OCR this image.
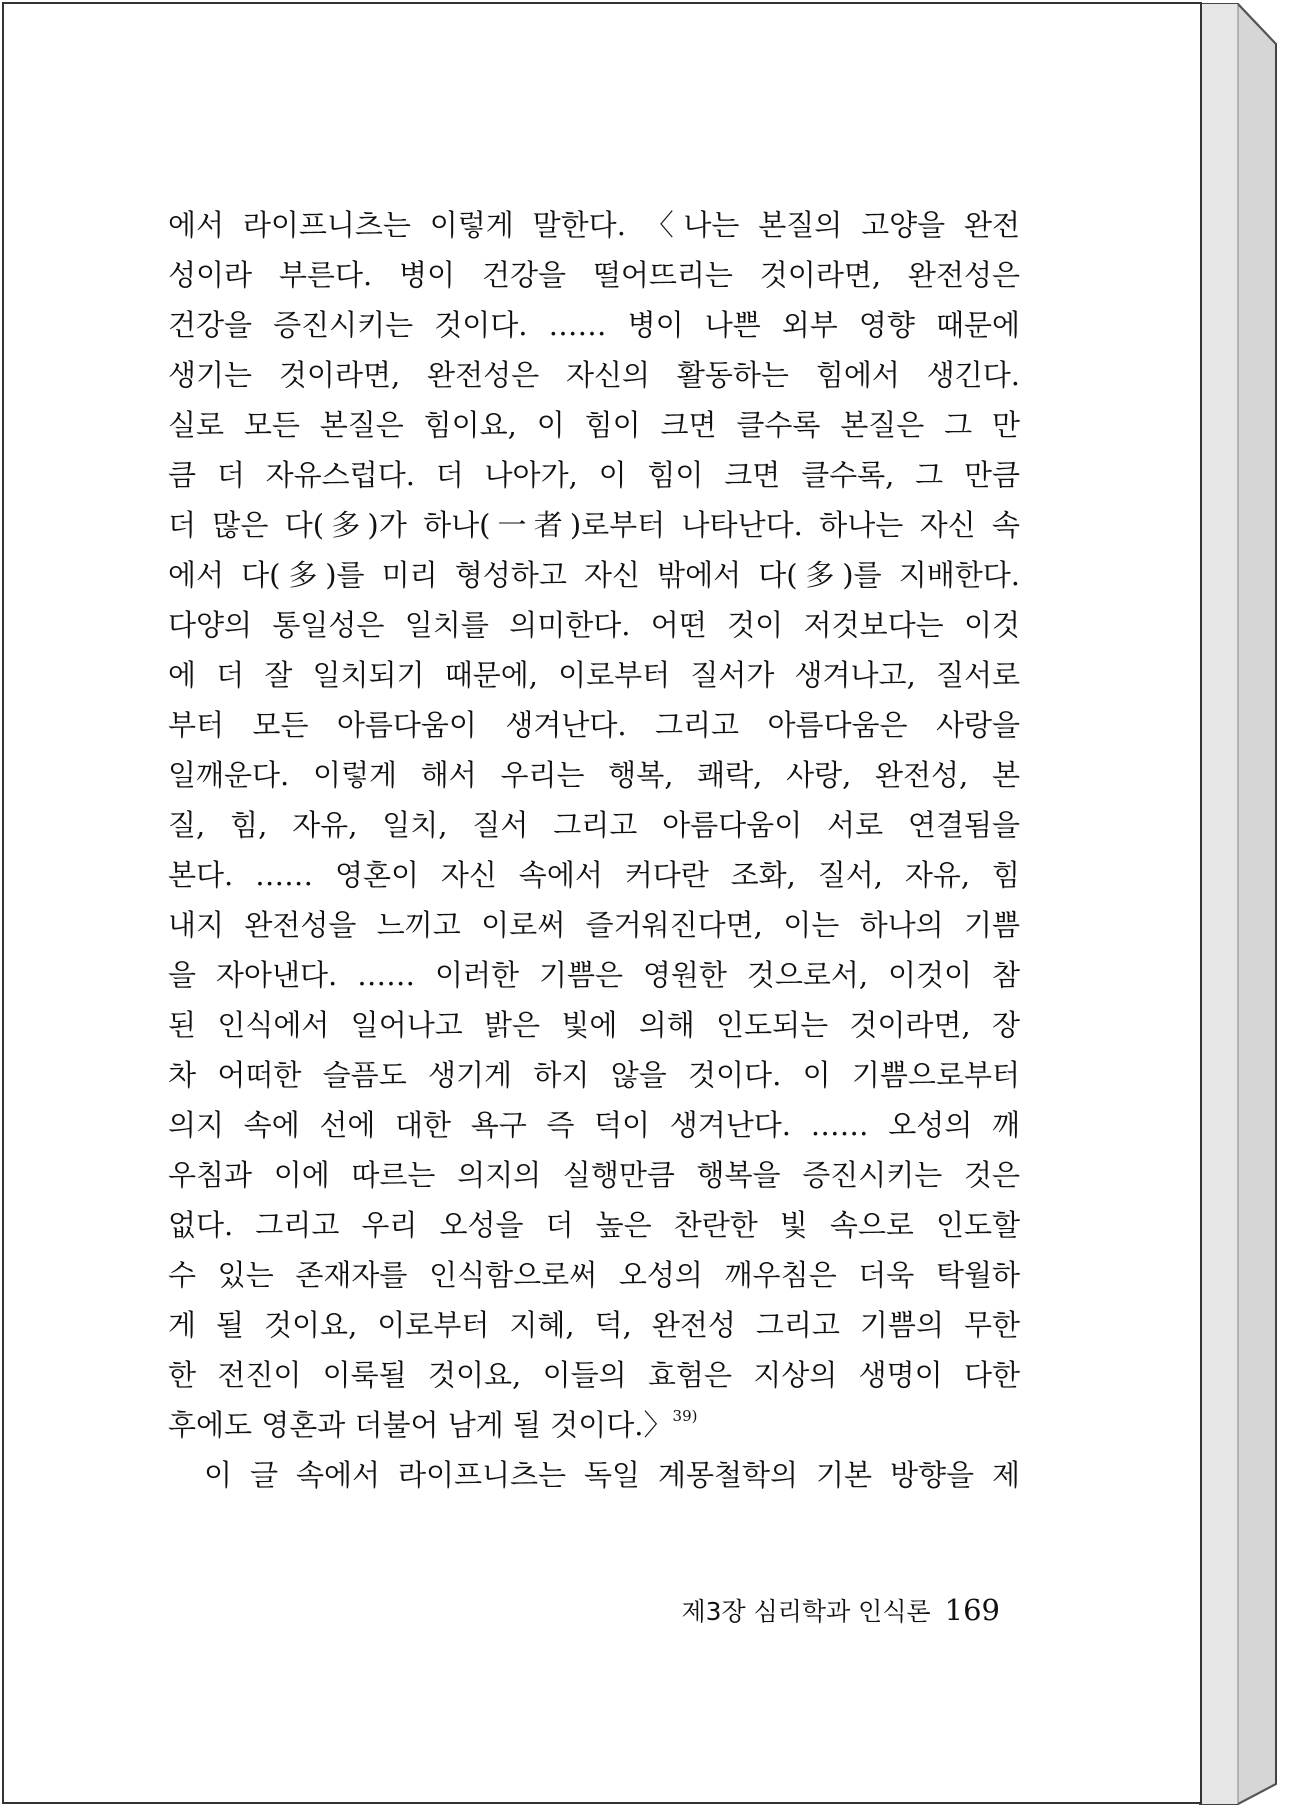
에서 라이프니츠는 이렇게 말한다. 〈나는 본질의 고양을 완전
성이라 부른다. 병이 건강을 떨어뜨리는 것이라면, 완전성은
건강을 증진시키는 것이다. …… 병이 나쁜 외부 영향 때문에
생기는 것이라면, 완전성은 자신의 활동하는 힘에서 생긴다.
실로 모든 본질은 힘이요, 이 힘이 크면 클수록 본질은 그 만
큼 더 자유스럽다. 더 나아가, 이 힘이 크면 클수록, 그 만큼
더 많은 다(多)가 하나(一者)로부터 나타난다. 하나는 자신 속
에서 다(多)를 미리 형성하고 자신 밖에서 다(多)를 지배한다.
다양의 통일성은 일치를 의미한다. 어떤 것이 저것보다는 이것
에 더 잘 일치되기 때문에, 이로부터 질서가 생겨나고, 질서로
부터 모든 아름다움이 생겨난다. 그리고 아름다움은 사랑을
일깨운다. 이렇게 해서 우리는 행복, 쾌락, 사랑, 완전성, 본
질, 힘, 자유, 일치, 질서 그리고 아름다움이 서로 연결됨을
본다. …… 영혼이 자신 속에서 커다란 조화, 질서, 자유, 힘
내지 완전성을 느끼고 이로써 즐거워진다면, 이는 하나의 기쁨
을 자아낸다. …… 이러한 기쁨은 영원한 것으로서, 이것이 참
된 인식에서 일어나고 밝은 빛에 의해 인도되는 것이라면, 장
차 어떠한 슬픔도 생기게 하지 않을 것이다. 이 기쁨으로부터
의지 속에 선에 대한 욕구 즉 덕이 생겨난다. …… 오성의 깨
우침과 이에 따르는 의지의 실행만큼 행복을 증진시키는 것은
없다. 그리고 우리 오성을 더 높은 찬란한 빛 속으로 인도할
수 있는 존재자를 인식함으로써 오성의 깨우침은 더욱 탁월하
게 될 것이요, 이로부터 지혜, 덕, 완전성 그리고 기쁨의 무한
한 전진이 이룩될 것이요, 이들의 효험은 지상의 생명이 다한
후에도 영혼과 더불어 남게 될 것이다.〉$^{39)}$
이 글 속에서 라이프니츠는 독일 계몽철학의 기본 방향을 제
제3장 심리학과 인식론 169
